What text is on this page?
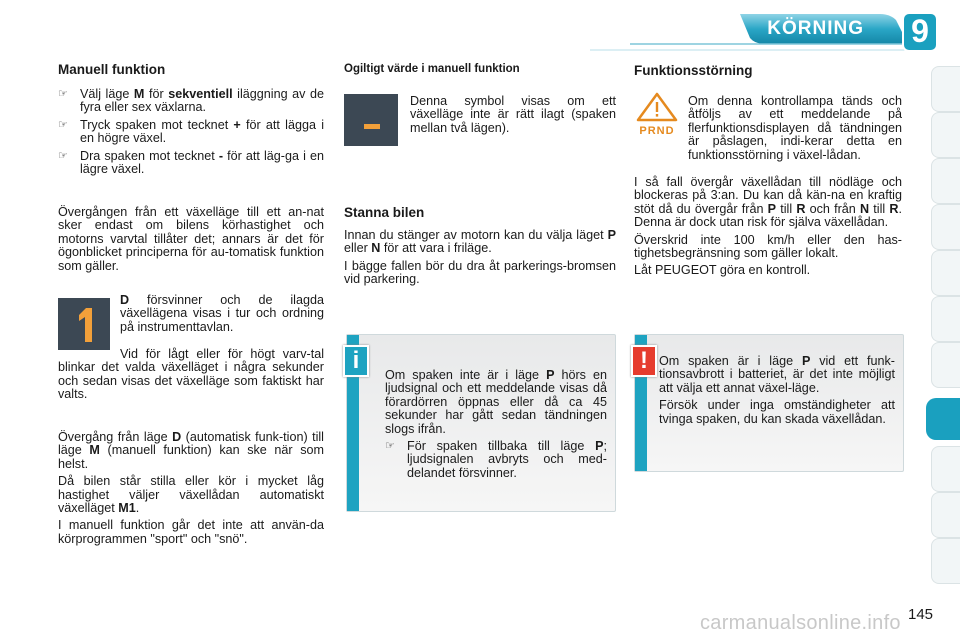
KÖRNING 9
Manuell funktion
☞ Välj läge M för sekventiell iläggning av de fyra eller sex växlarna.
☞ Tryck spaken mot tecknet + för att lägga i en högre växel.
☞ Dra spaken mot tecknet - för att läg-ga i en lägre växel.
Övergången från ett växelläge till ett an-nat sker endast om bilens körhastighet och motorns varvtal tillåter det; annars är det för ögonblicket principerna för au-tomatisk funktion som gäller.

D försvinner och de ilagda växellägena visas i tur och ordning på instrumenttavlan.

Vid för lågt eller för högt varv-tal blinkar det valda växelläget i några sekunder och sedan visas det växelläge som faktiskt har valts.

Övergång från läge D (automatisk funk-tion) till läge M (manuell funktion) kan ske när som helst.

Då bilen står stilla eller kör i mycket låg hastighet väljer växellådan automatiskt växelläget M1.

I manuell funktion går det inte att använ-da körprogrammen "sport" och "snö".

Ogiltigt värde i manuell funktion
Denna symbol visas om ett växelläge inte är rätt ilagt (spaken mellan två lägen).
Stanna bilen

Innan du stänger av motorn kan du välja läget P eller N för att vara i friläge.

I bägge fallen bör du dra åt parkerings-bromsen vid parkering.

i

Om spaken inte är i läge P hörs en ljudsignal och ett meddelande visas då förardörren öppnas eller då ca 45 sekunder har gått sedan tändningen slogs ifrån.

☞ För spaken tillbaka till läge P; ljudsignalen avbryts och med-delandet försvinner.
Funktionsstörning
PRND
Om denna kontrollampa tänds och åtföljs av ett meddelande på flerfunktionsdisplayen då tändningen är påslagen, indi-kerar detta en funktionsstörning i växel-lådan.

I så fall övergår växellådan till nödläge och blockeras på 3:an. Du kan då kän-na en kraftig stöt då du övergår från P till R och från N till R. Denna är dock utan risk för själva växellådan.

Överskrid inte 100 km/h eller den has-tighetsbegränsning som gäller lokalt.

Låt PEUGEOT göra en kontroll.

! Om spaken är i läge P vid ett funk-tionsavbrott i batteriet, är det inte möjligt att välja ett annat växel-läge.

Försök under inga omständigheter att tvinga spaken, du kan skada växellådan.

carmanualsonline.info 145
